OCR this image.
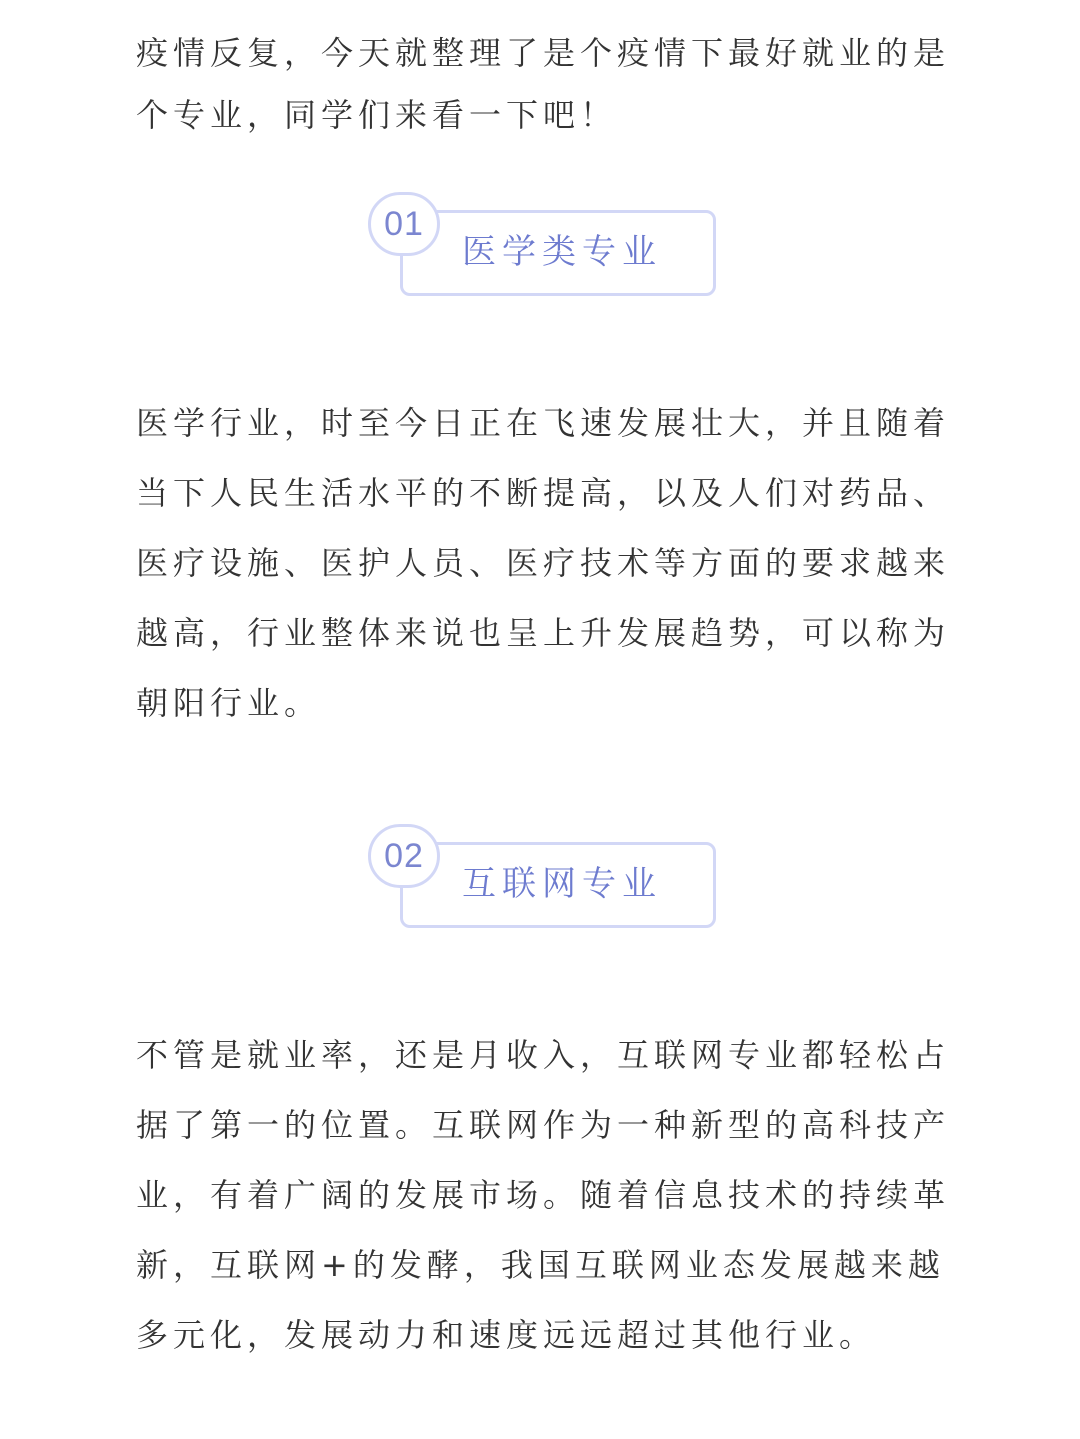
疫情反复，今天就整理了是个疫情下最好就业的是
个专业，同学们来看一下吧！
01
医学类专业
医学行业，时至今日正在飞速发展壮大，并且随着
当下人民生活水平的不断提高，以及人们对药品、
医疗设施、医护人员、医疗技术等方面的要求越来
越高，行业整体来说也呈上升发展趋势，可以称为
朝阳行业。
02
互联网专业
不管是就业率，还是月收入，互联网专业都轻松占
据了第一的位置。互联网作为一种新型的高科技产
业，有着广阔的发展市场。随着信息技术的持续革
新，互联网+的发酵，我国互联网业态发展越来越
多元化，发展动力和速度远远超过其他行业。
